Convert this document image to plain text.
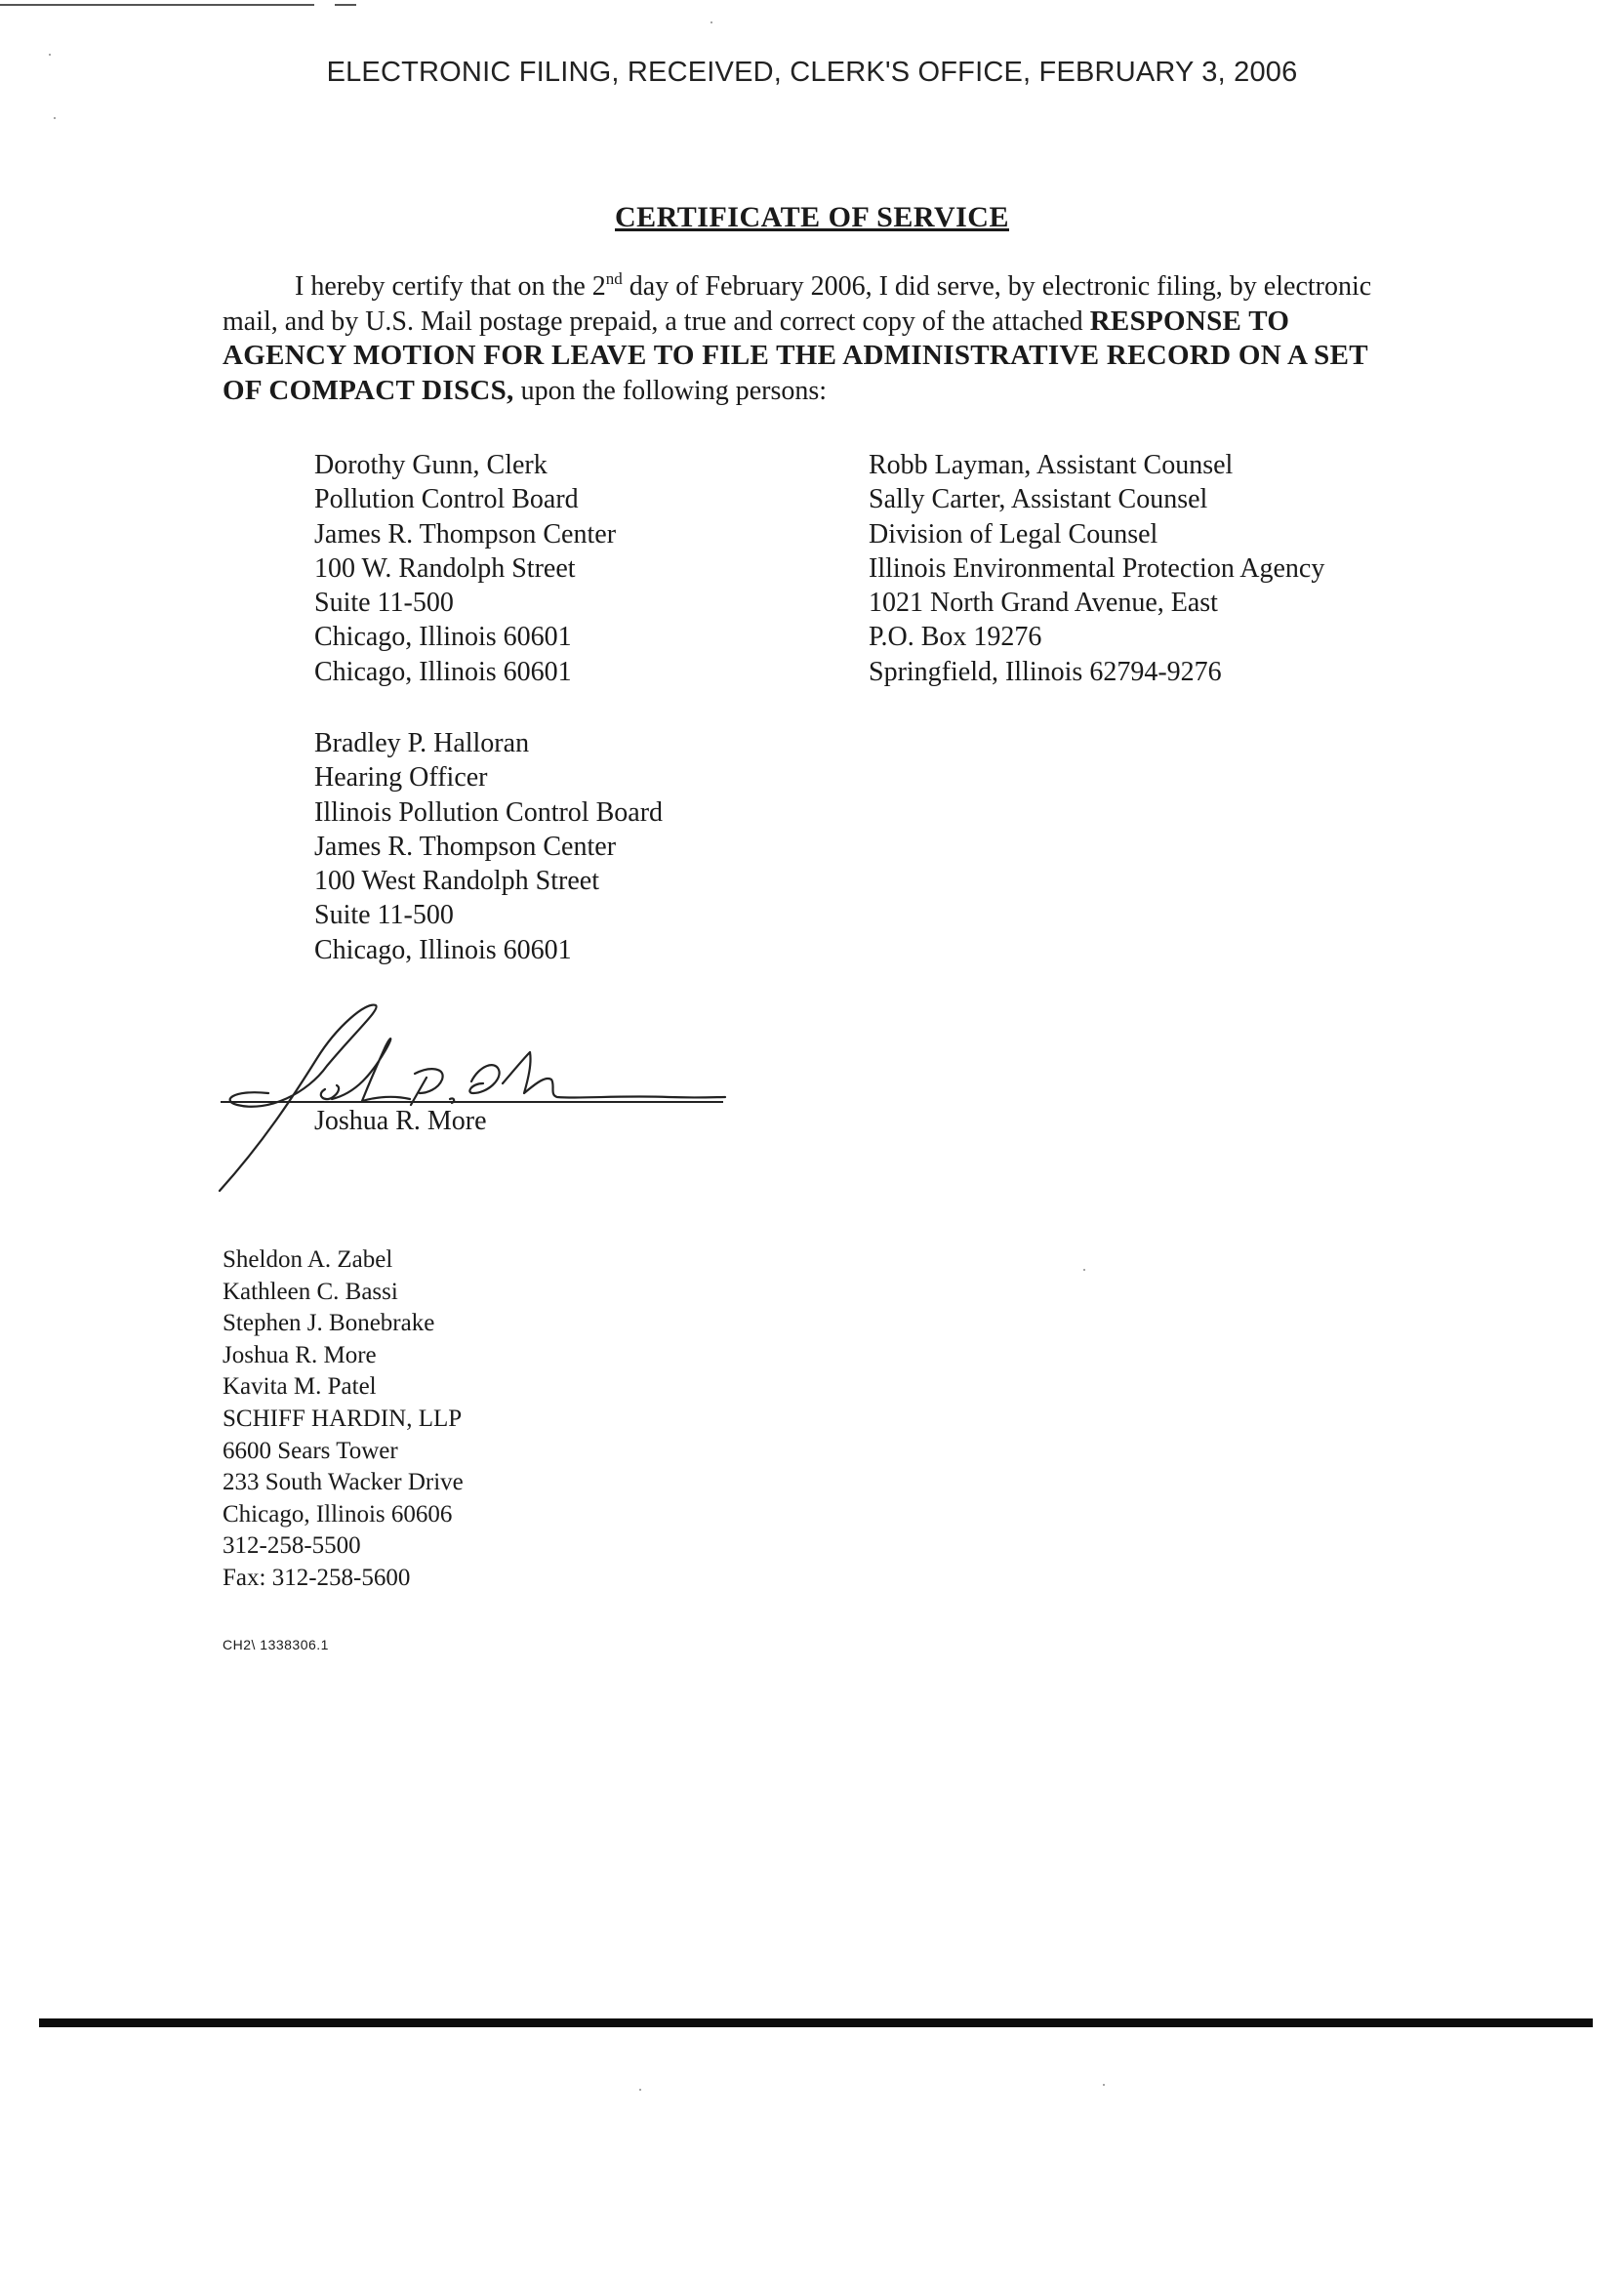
ELECTRONIC FILING, RECEIVED, CLERK'S OFFICE, FEBRUARY 3, 2006
CERTIFICATE OF SERVICE
I hereby certify that on the 2nd day of February 2006, I did serve, by electronic filing, by electronic mail, and by U.S. Mail postage prepaid, a true and correct copy of the attached RESPONSE TO AGENCY MOTION FOR LEAVE TO FILE THE ADMINISTRATIVE RECORD ON A SET OF COMPACT DISCS, upon the following persons:
Dorothy Gunn, Clerk
Pollution Control Board
James R. Thompson Center
100 W. Randolph Street
Suite 11-500
Chicago, Illinois 60601
Chicago, Illinois 60601
Robb Layman, Assistant Counsel
Sally Carter, Assistant Counsel
Division of Legal Counsel
Illinois Environmental Protection Agency
1021 North Grand Avenue, East
P.O. Box 19276
Springfield, Illinois 62794-9276
Bradley P. Halloran
Hearing Officer
Illinois Pollution Control Board
James R. Thompson Center
100 West Randolph Street
Suite 11-500
Chicago, Illinois 60601
Joshua R. More
Sheldon A. Zabel
Kathleen C. Bassi
Stephen J. Bonebrake
Joshua R. More
Kavita M. Patel
SCHIFF HARDIN, LLP
6600 Sears Tower
233 South Wacker Drive
Chicago, Illinois 60606
312-258-5500
Fax: 312-258-5600
CH2\ 1338306.1
